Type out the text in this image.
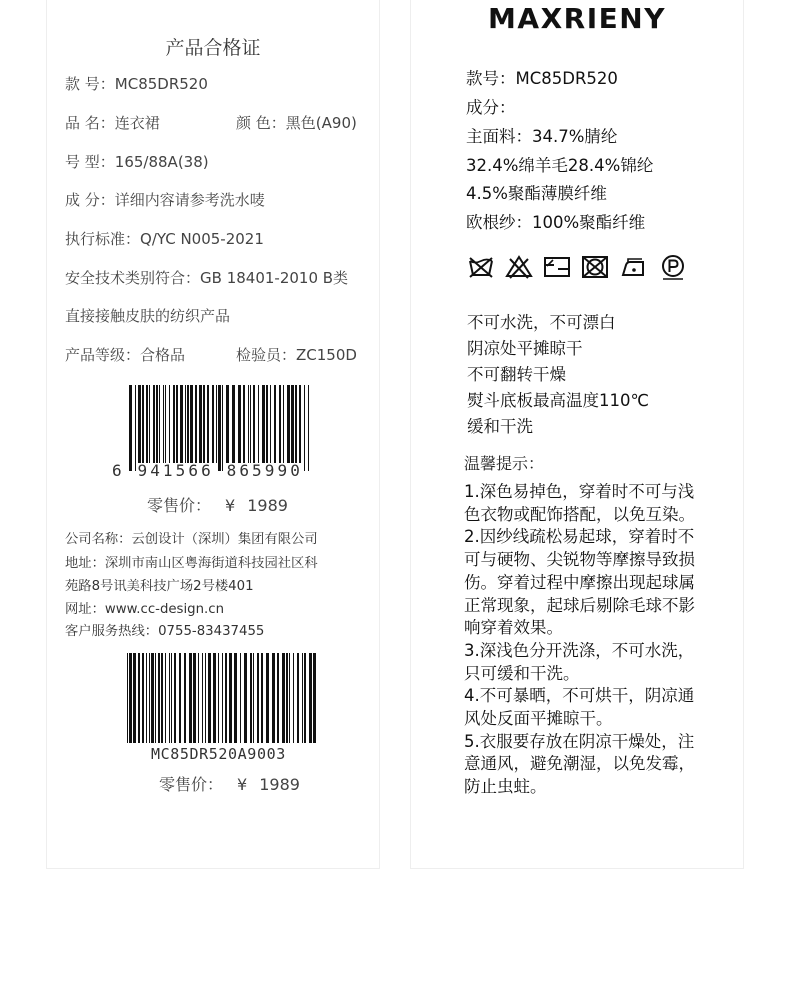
产品合格证
款 号：MC85DR520
品 名：连衣裙	颜 色：黑色(A90)
号 型：165/88A(38)
成 分：详细内容请参考洗水唛
执行标准：Q/YC N005-2021
安全技术类别符合：GB 18401-2010 B类
直接接触皮肤的纺织产品
产品等级：合格品	检验员：ZC150D
6 941566 865990
零售价： ¥ 1989
公司名称：云创设计（深圳）集团有限公司
地址：深圳市南山区粤海街道科技园社区科
苑路8号讯美科技广场2号楼401
网址：www.cc-design.cn
客户服务热线：0755-83437455
MC85DR520A9003
零售价： ¥ 1989
MAXRIENY
款号：MC85DR520
成分：
主面料：34.7%腈纶
32.4%绵羊毛28.4%锦纶
4.5%聚酯薄膜纤维
欧根纱：100%聚酯纤维
不可水洗，不可漂白
阴凉处平摊晾干
不可翻转干燥
熨斗底板最高温度110℃
缓和干洗
温馨提示：
1.深色易掉色，穿着时不可与浅色衣物或配饰搭配，以免互染。
2.因纱线疏松易起球，穿着时不可与硬物、尖锐物等摩擦导致损伤。穿着过程中摩擦出现起球属正常现象，起球后剔除毛球不影响穿着效果。
3.深浅色分开洗涤，不可水洗，只可缓和干洗。
4.不可暴晒，不可烘干，阴凉通风处反面平摊晾干。
5.衣服要存放在阴凉干燥处，注意通风，避免潮湿，以免发霉，防止虫蛀。
